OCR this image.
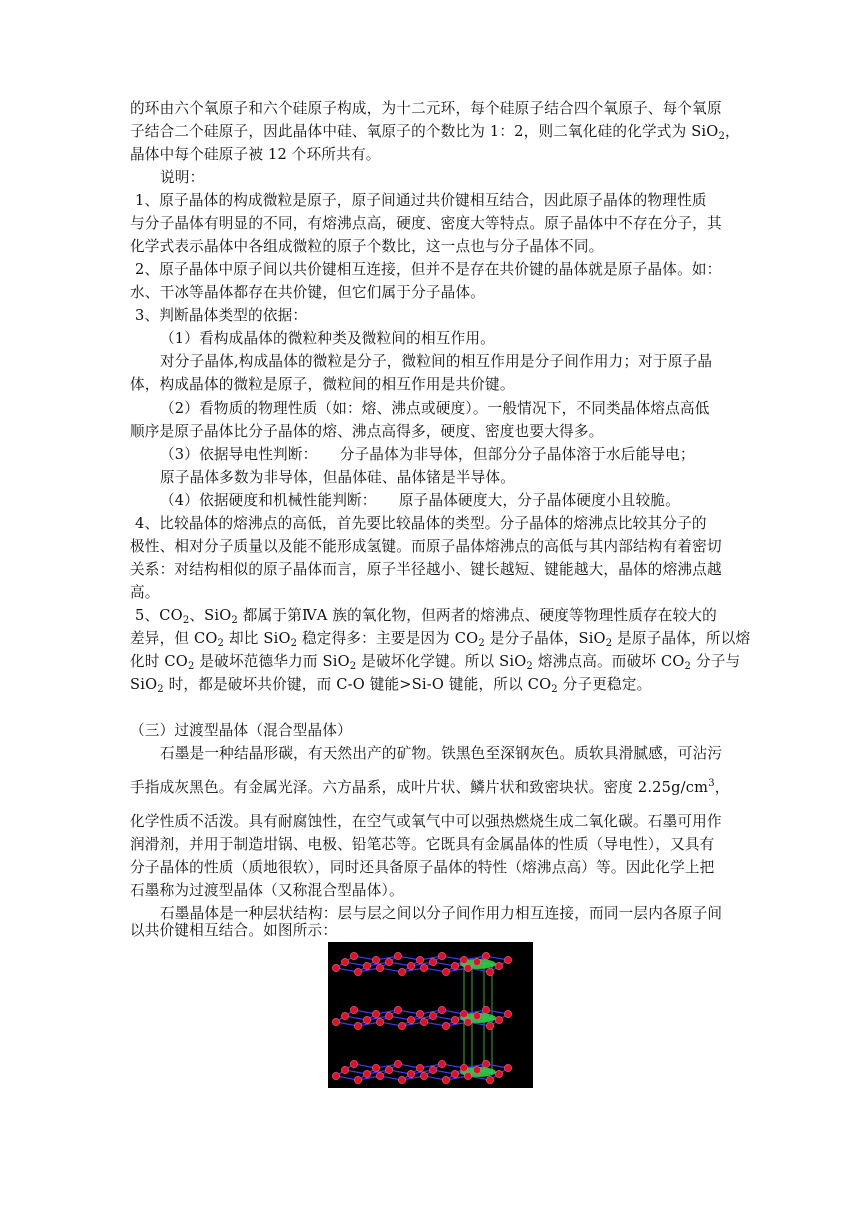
的环由六个氧原子和六个硅原子构成，为十二元环，每个硅原子结合四个氧原子、每个氧原
子结合二个硅原子，因此晶体中硅、氧原子的个数比为 1：2，则二氧化硅的化学式为 SiO$_2$，
晶体中每个硅原子被 12 个环所共有。
说明：
1、原子晶体的构成微粒是原子，原子间通过共价键相互结合，因此原子晶体的物理性质
与分子晶体有明显的不同，有熔沸点高，硬度、密度大等特点。原子晶体中不存在分子，其
化学式表示晶体中各组成微粒的原子个数比，这一点也与分子晶体不同。
2、原子晶体中原子间以共价键相互连接，但并不是存在共价键的晶体就是原子晶体。如：
水、干冰等晶体都存在共价键，但它们属于分子晶体。
3、判断晶体类型的依据：
（1）看构成晶体的微粒种类及微粒间的相互作用。
对分子晶体,构成晶体的微粒是分子，微粒间的相互作用是分子间作用力；对于原子晶
体，构成晶体的微粒是原子，微粒间的相互作用是共价键。
（2）看物质的物理性质（如：熔、沸点或硬度）。一般情况下，不同类晶体熔点高低
顺序是原子晶体比分子晶体的熔、沸点高得多，硬度、密度也要大得多。
（3）依据导电性判断：　　分子晶体为非导体，但部分分子晶体溶于水后能导电；
原子晶体多数为非导体，但晶体硅、晶体锗是半导体。
（4）依据硬度和机械性能判断：　　原子晶体硬度大，分子晶体硬度小且较脆。
4、比较晶体的熔沸点的高低，首先要比较晶体的类型。分子晶体的熔沸点比较其分子的
极性、相对分子质量以及能不能形成氢键。而原子晶体熔沸点的高低与其内部结构有着密切
关系：对结构相似的原子晶体而言，原子半径越小、键长越短、键能越大，晶体的熔沸点越
高。
5、$CO_2$、SiO$_2$ 都属于第ⅣA 族的氧化物，但两者的熔沸点、硬度等物理性质存在较大的
差异，但 $CO_2$ 却比 SiO$_2$ 稳定得多：主要是因为 $CO_2$ 是分子晶体，SiO$_2$ 是原子晶体，所以熔
化时 $CO_2$ 是破坏范德华力而 SiO$_2$ 是破坏化学键。所以 SiO$_2$ 熔沸点高。而破坏 $CO_2$ 分子与
SiO$_2$ 时，都是破坏共价键，而 C-O 键能>Si-O 键能，所以 $CO_2$ 分子更稳定。
（三）过渡型晶体（混合型晶体）
石墨是一种结晶形碳，有天然出产的矿物。铁黑色至深钢灰色。质软具滑腻感，可沾污
手指成灰黑色。有金属光泽。六方晶系，成叶片状、鳞片状和致密块状。密度 $2.25g/cm^3$，
化学性质不活泼。具有耐腐蚀性，在空气或氧气中可以强热燃烧生成二氧化碳。石墨可用作
润滑剂，并用于制造坩锅、电极、铅笔芯等。它既具有金属晶体的性质（导电性），又具有
分子晶体的性质（质地很软），同时还具备原子晶体的特性（熔沸点高）等。因此化学上把
石墨称为过渡型晶体（又称混合型晶体）。
石墨晶体是一种层状结构：层与层之间以分子间作用力相互连接，而同一层内各原子间
以共价键相互结合。如图所示：
